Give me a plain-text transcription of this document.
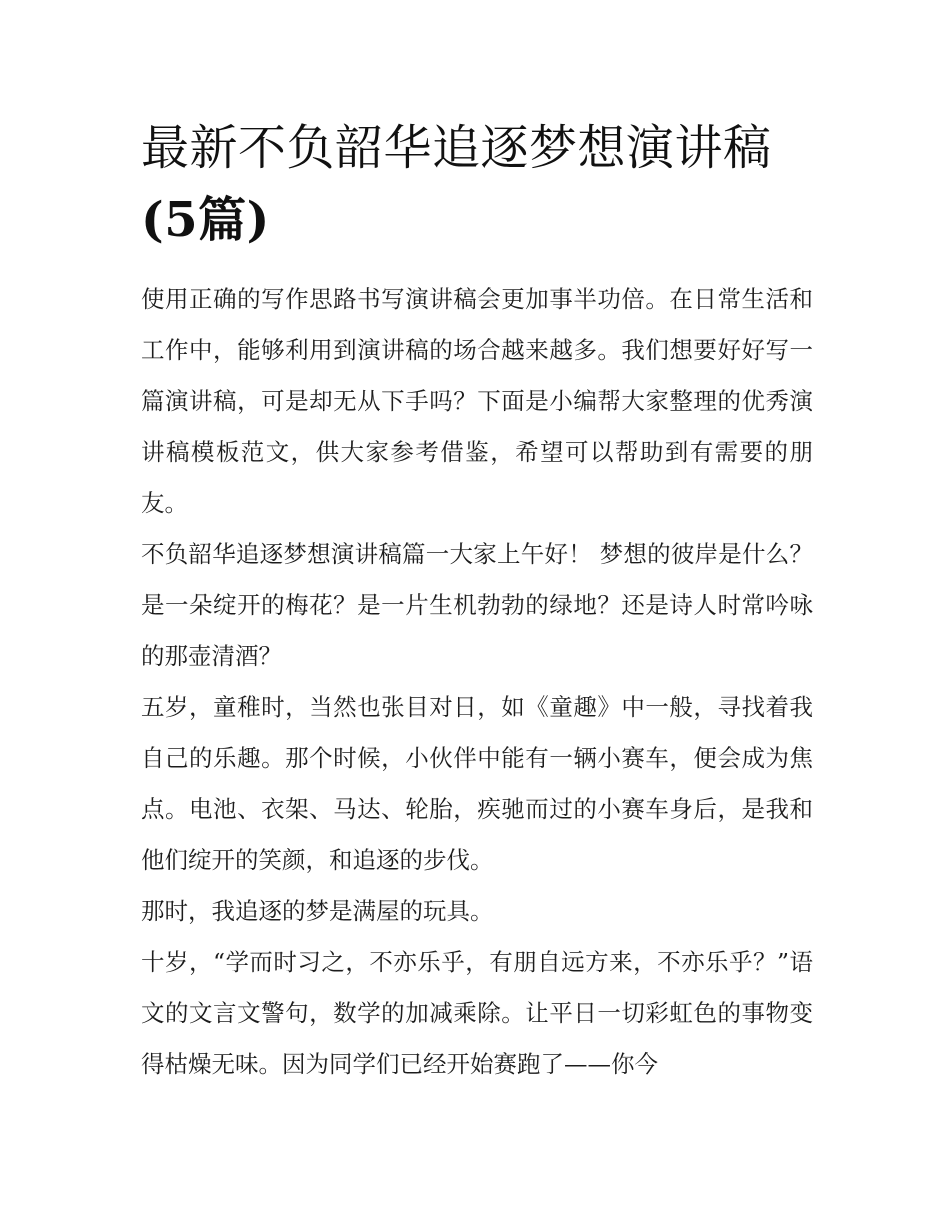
最新不负韶华追逐梦想演讲稿
(5篇)

使用正确的写作思路书写演讲稿会更加事半功倍。在日常生活和工作中，能够利用到演讲稿的场合越来越多。我们想要好好写一篇演讲稿，可是却无从下手吗？下面是小编帮大家整理的优秀演讲稿模板范文，供大家参考借鉴，希望可以帮助到有需要的朋友。

不负韶华追逐梦想演讲稿篇一大家上午好！ 梦想的彼岸是什么？是一朵绽开的梅花？是一片生机勃勃的绿地？还是诗人时常吟咏的那壶清酒？

五岁，童稚时，当然也张目对日，如《童趣》中一般，寻找着我自己的乐趣。那个时候，小伙伴中能有一辆小赛车，便会成为焦点。电池、衣架、马达、轮胎，疾驰而过的小赛车身后，是我和他们绽开的笑颜，和追逐的步伐。

那时，我追逐的梦是满屋的玩具。

十岁，“学而时习之，不亦乐乎，有朋自远方来，不亦乐乎？”语文的文言文警句，数学的加减乘除。让平日一切彩虹色的事物变得枯燥无味。因为同学们已经开始赛跑了——你今
